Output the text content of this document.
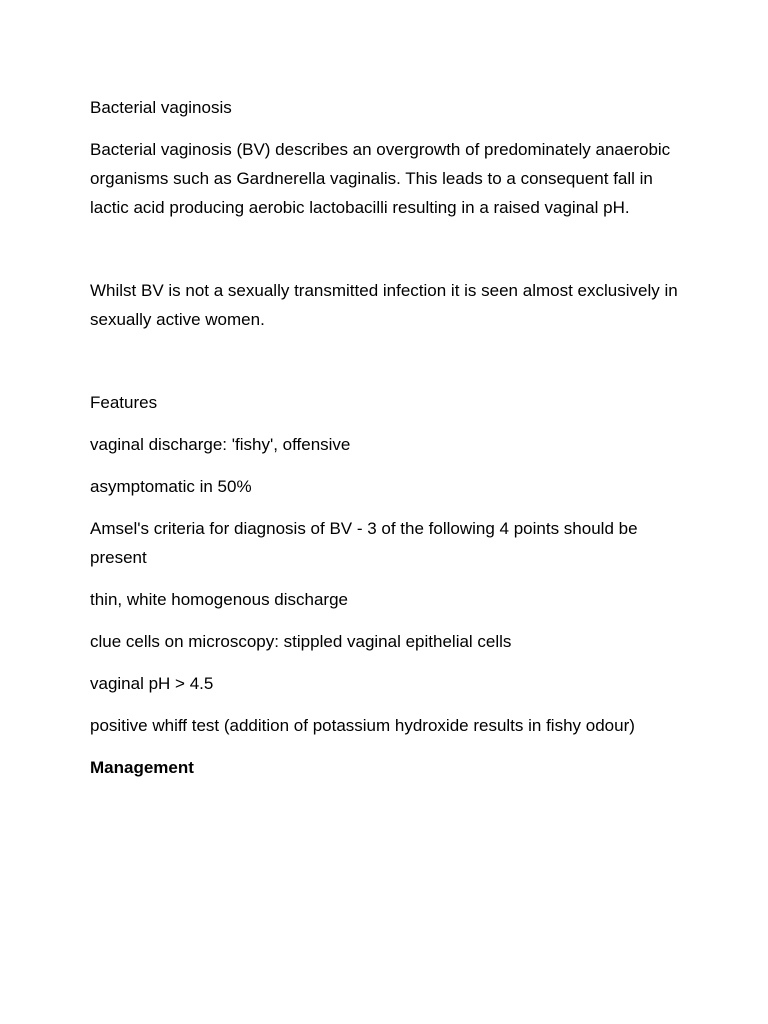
Bacterial vaginosis

Bacterial vaginosis (BV) describes an overgrowth of predominately anaerobic organisms such as Gardnerella vaginalis. This leads to a consequent fall in lactic acid producing aerobic lactobacilli resulting in a raised vaginal pH.

Whilst BV is not a sexually transmitted infection it is seen almost exclusively in sexually active women.

Features

vaginal discharge: 'fishy', offensive

asymptomatic in 50%

Amsel's criteria for diagnosis of BV - 3 of the following 4 points should be present

thin, white homogenous discharge

clue cells on microscopy: stippled vaginal epithelial cells

vaginal pH > 4.5

positive whiff test (addition of potassium hydroxide results in fishy odour)

Management
